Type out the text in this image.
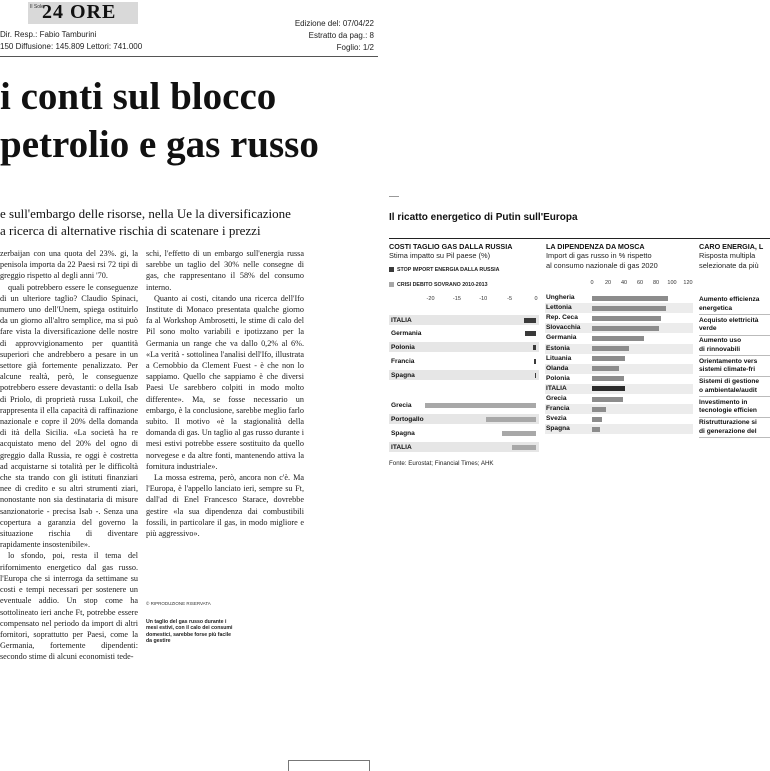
Il Sole
24 ORE
Dir. Resp.: Fabio Tamburini
150 Diffusione: 145.809 Lettori: 741.000
Edizione del: 07/04/22
Estratto da pag.: 8
Foglio: 1/2
i conti sul blocco
petrolio e gas russo
e sull'embargo delle risorse, nella Ue la diversificazione
a ricerca di alternative rischia di scatenare i prezzi

zerbaijan con una quota del 23%. gi, la penisola importa da 22 Paesi rsi 72 tipi di greggio rispetto al degli anni '70.

quali potrebbero essere le conseguenze di un ulteriore taglio? Claudio Spinaci, numero uno dell'Unem, spiega ostituirlo da un giorno all'altro semplice, ma si può fare vista la diversificazione delle nostre di approvvigionamento per quantità superiori che andrebbero a pesare in un settore già fortemente penalizzato. Per alcune realtà, però, le conseguenze potrebbero essere devastanti: o della Isab di Priolo, di proprietà russa Lukoil, che rappresenta il ella capacità di raffinazione nazionale e copre il 20% della domanda di ità della Sicilia. «La società ha re acquistato meno del 20% del ogno di greggio dalla Russia, re oggi è costretta ad acquistarne si totalità per le difficoltà che sta trando con gli istituti finanziari nee di credito e su altri strumenti ziari, nonostante non sia destinataria di misure sanzionatorie - precisa Isab -. Senza una copertura a garanzia del governo la situazione rischia di diventare rapidamente insostenibile».

lo sfondo, poi, resta il tema del rifornimento energetico dal gas russo. l'Europa che si interroga da settimane su costi e tempi necessari per sostenere un eventuale addio. Un stop come ha sottolineato ieri anche Ft, potrebbe essere compensato nel periodo da import di altri fornitori, soprattutto per Paesi, come la Germania, fortemente dipendenti: secondo stime di alcuni economisti tede-

schi, l'effetto di un embargo sull'energia russa sarebbe un taglio del 30% nelle consegne di gas, che rappresentano il 58% del consumo interno.

Quanto ai costi, citando una ricerca dell'Ifo Institute di Monaco presentata qualche giorno fa al Workshop Ambrosetti, le stime di calo del Pil sono molto variabili e ipotizzano per la Germania un range che va dallo 0,2% al 6%. «La verità - sottolinea l'analisi dell'Ifo, illustrata a Cernobbio da Clement Fuest - è che non lo sappiamo. Quello che sappiamo è che diversi Paesi Ue sarebbero colpiti in modo molto differente». Ma, se fosse necessario un embargo, è la conclusione, sarebbe meglio farlo subito. Il motivo «è la stagionalità della domanda di gas. Un taglio al gas russo durante i mesi estivi potrebbe essere sostituito da quello norvegese e da altre fonti, mantenendo attiva la fornitura industriale».

La mossa estrema, però, ancora non c'è. Ma l'Europa, è l'appello lanciato ieri, sempre su Ft, dall'ad di Enel Francesco Starace, dovrebbe gestire «la sua dipendenza dai combustibili fossili, in particolare il gas, in modo migliore e più aggressivo».

© RIPRODUZIONE RISERVATA
Un taglio del gas russo durante i mesi estivi, con il calo dei consumi domestici, sarebbe forse più facile da gestire
Il ricatto energetico di Putin sull'Europa
COSTI TAGLIO GAS DALLA RUSSIA
Stima impatto su Pil paese (%)
STOP IMPORT ENERGIA DALLA RUSSIA
CRISI DEBITO SOVRANO 2010-2013
-20	-15	-10	-5	0
ITALIA
Germania
Polonia
Francia
Spagna
Grecia
Portogallo
Spagna
ITALIA
LA DIPENDENZA DA MOSCA
Import di gas russo in % rispetto
al consumo nazionale di gas 2020
0 20 40 60 80 100 120
Ungheria
Lettonia
Rep. Ceca
Slovacchia
Germania
Estonia
Lituania
Olanda
Polonia
ITALIA
Grecia
Francia
Svezia
Spagna
CARO ENERGIA, L
Risposta multipla
selezionate da più
Aumento efficienza
energetica
Acquisto elettricità
verde
Aumento uso
di rinnovabili
Orientamento vers
sistemi climate-fri
Sistemi di gestione
o ambientale/audit
Investimento in
tecnologie efficien
Ristrutturazione si
di generazione del
Fonte: Eurostat; Financial Times; AHK
